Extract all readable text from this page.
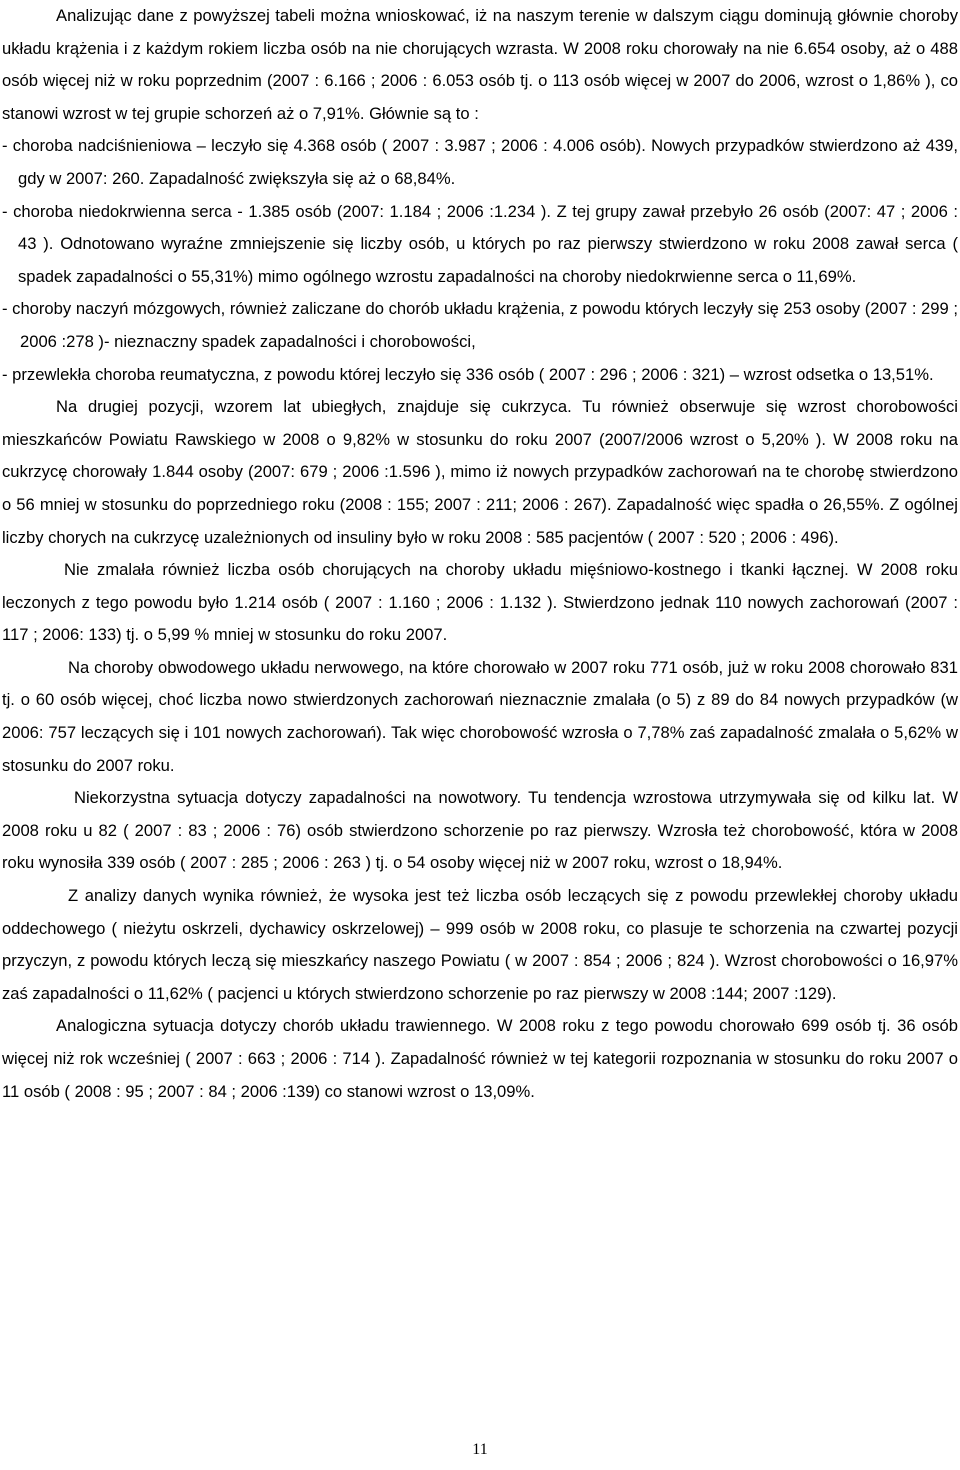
Analizując dane z powyższej tabeli można wnioskować, iż na naszym terenie w dalszym ciągu dominują głównie choroby układu krążenia i z każdym rokiem liczba osób na nie chorujących wzrasta. W 2008 roku chorowały na nie 6.654 osoby, aż o 488 osób więcej niż w roku poprzednim (2007 : 6.166 ; 2006 : 6.053 osób tj. o 113 osób więcej w 2007 do 2006, wzrost o 1,86% ), co stanowi wzrost w tej grupie schorzeń aż o 7,91%. Głównie są to :

- choroba nadciśnieniowa – leczyło się 4.368 osób ( 2007 : 3.987 ; 2006 : 4.006 osób). Nowych przypadków stwierdzono aż 439, gdy w 2007: 260. Zapadalność zwiększyła się aż o 68,84%.

- choroba niedokrwienna serca - 1.385 osób (2007: 1.184 ; 2006 :1.234 ). Z tej grupy zawał przebyło 26 osób (2007: 47 ; 2006 : 43 ). Odnotowano wyraźne zmniejszenie się liczby osób, u których po raz pierwszy stwierdzono w roku 2008 zawał serca ( spadek zapadalności o 55,31%) mimo ogólnego wzrostu zapadalności na choroby niedokrwienne serca o 11,69%.

- choroby naczyń mózgowych, również zaliczane do chorób układu krążenia, z powodu których leczyły się 253 osoby (2007 : 299 ; 2006 :278 )- nieznaczny spadek zapadalności i chorobowości,

- przewlekła choroba reumatyczna, z powodu której leczyło się 336 osób ( 2007 : 296 ; 2006 : 321) – wzrost odsetka o 13,51%.

Na drugiej pozycji, wzorem lat ubiegłych, znajduje się cukrzyca. Tu również obserwuje się wzrost chorobowości mieszkańców Powiatu Rawskiego w 2008 o 9,82% w stosunku do roku 2007 (2007/2006 wzrost o 5,20% ). W 2008 roku na cukrzycę chorowały 1.844 osoby (2007: 679 ; 2006 :1.596 ), mimo iż nowych przypadków zachorowań na te chorobę stwierdzono o 56 mniej w stosunku do poprzedniego roku (2008 : 155; 2007 : 211; 2006 : 267). Zapadalność więc spadła o 26,55%. Z ogólnej liczby chorych na cukrzycę uzależnionych od insuliny było w roku 2008 : 585 pacjentów ( 2007 : 520 ; 2006 : 496).

Nie zmalała również liczba osób chorujących na choroby układu mięśniowo-kostnego i tkanki łącznej. W 2008 roku leczonych z tego powodu było 1.214 osób ( 2007 : 1.160 ; 2006 : 1.132 ). Stwierdzono jednak 110 nowych zachorowań (2007 : 117 ; 2006: 133) tj. o 5,99 % mniej w stosunku do roku 2007.

Na choroby obwodowego układu nerwowego, na które chorowało w 2007 roku 771 osób, już w roku 2008 chorowało 831 tj. o 60 osób więcej, choć liczba nowo stwierdzonych zachorowań nieznacznie zmalała (o 5) z 89 do 84 nowych przypadków (w 2006: 757 leczących się i 101 nowych zachorowań). Tak więc chorobowość wzrosła o 7,78% zaś zapadalność zmalała o 5,62% w stosunku do 2007 roku.

Niekorzystna sytuacja dotyczy zapadalności na nowotwory. Tu tendencja wzrostowa utrzymywała się od kilku lat. W 2008 roku u 82 ( 2007 : 83 ; 2006 : 76) osób stwierdzono schorzenie po raz pierwszy. Wzrosła też chorobowość, która w 2008 roku wynosiła 339 osób ( 2007 : 285 ; 2006 : 263 ) tj. o 54 osoby więcej niż w 2007 roku, wzrost o 18,94%.

Z analizy danych wynika również, że wysoka jest też liczba osób leczących się z powodu przewlekłej choroby układu oddechowego ( nieżytu oskrzeli, dychawicy oskrzelowej) – 999 osób w 2008 roku, co plasuje te schorzenia na czwartej pozycji przyczyn, z powodu których leczą się mieszkańcy naszego Powiatu ( w 2007 : 854 ; 2006 ; 824 ). Wzrost chorobowości o 16,97% zaś zapadalności o 11,62% ( pacjenci u których stwierdzono schorzenie po raz pierwszy w 2008 :144; 2007 :129).

Analogiczna sytuacja dotyczy chorób układu trawiennego. W 2008 roku z tego powodu chorowało 699 osób tj. 36 osób więcej niż rok wcześniej ( 2007 : 663 ; 2006 : 714 ). Zapadalność również w tej kategorii rozpoznania w stosunku do roku 2007 o 11 osób ( 2008 : 95 ; 2007 : 84 ; 2006 :139) co stanowi wzrost o 13,09%.

11
